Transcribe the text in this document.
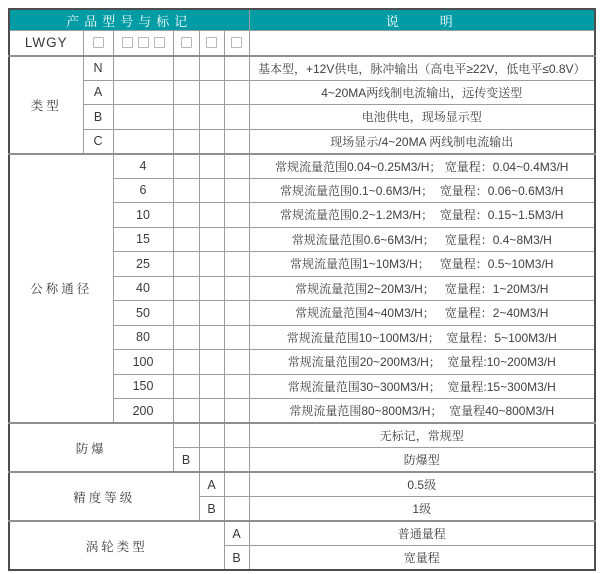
产品型号与标记						说　　明
LWGY						
类型	N					基本型，+12V供电，脉冲输出（高电平≥22V，低电平≤0.8V）
	A					4~20MA两线制电流输出，远传变送型
	B					电池供电，现场显示型
	C					现场显示/4~20MA 两线制电流输出
公称通径		4				常规流量范围0.04~0.25M3/H； 宽量程：0.04~0.4M3/H
		6				常规流量范围0.1~0.6M3/H；  宽量程：0.06~0.6M3/H
		10				常规流量范围0.2~1.2M3/H；  宽量程：0.15~1.5M3/H
		15				常规流量范围0.6~6M3/H；   宽量程：0.4~8M3/H
		25				常规流量范围1~10M3/H；   宽量程：0.5~10M3/H
		40				常规流量范围2~20M3/H；   宽量程：1~20M3/H
		50				常规流量范围4~40M3/H；   宽量程：2~40M3/H
		80				常规流量范围10~100M3/H；  宽量程：5~100M3/H
		100				常规流量范围20~200M3/H；  宽量程:10~200M3/H
		150				常规流量范围30~300M3/H；  宽量程:15~300M3/H
		200				常规流量范围80~800M3/H；  宽量程40~800M3/H
防爆						无标记，常规型
			B			防爆型
精度等级				A		0.5级
				B		1级
涡轮类型					A	普通量程
					B	宽量程
